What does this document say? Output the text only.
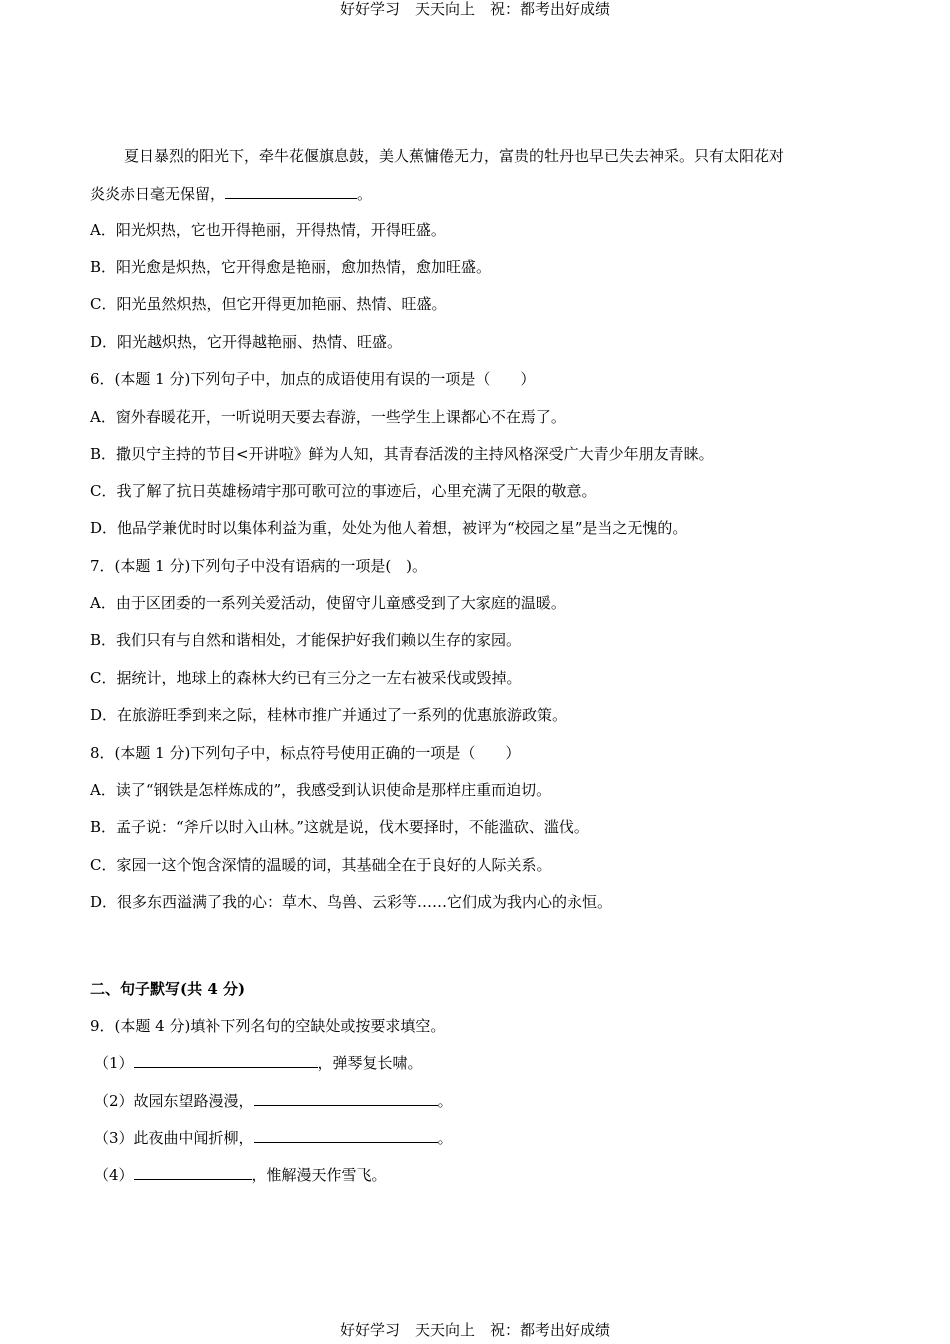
好好学习　天天向上　祝：都考出好成绩
夏日暴烈的阳光下，牵牛花偃旗息鼓，美人蕉慵倦无力，富贵的牡丹也早已失去神采。只有太阳花对
炎炎赤日毫无保留，	。
A．阳光炽热，它也开得艳丽，开得热情，开得旺盛。
B．阳光愈是炽热，它开得愈是艳丽，愈加热情，愈加旺盛。
C．阳光虽然炽热，但它开得更加艳丽、热情、旺盛。
D．阳光越炽热，它开得越艳丽、热情、旺盛。
6．(本题 1 分)下列句子中，加点的成语使用有误的一项是（　　）
A．窗外春暖花开，一听说明天要去春游，一些学生上课都心不在焉了。
B．撒贝宁主持的节目<开讲啦》鲜为人知，其青春活泼的主持风格深受广大青少年朋友青睐。
C．我了解了抗日英雄杨靖宇那可歌可泣的事迹后，心里充满了无限的敬意。
D．他品学兼优时时以集体利益为重，处处为他人着想，被评为“校园之星”是当之无愧的。
7．(本题 1 分)下列句子中没有语病的一项是(　)。
A．由于区团委的一系列关爱活动，使留守儿童感受到了大家庭的温暖。
B．我们只有与自然和谐相处，才能保护好我们赖以生存的家园。
C．据统计，地球上的森林大约已有三分之一左右被采伐或毁掉。
D．在旅游旺季到来之际，桂林市推广并通过了一系列的优惠旅游政策。
8．(本题 1 分)下列句子中，标点符号使用正确的一项是（　　）
A．读了“钢铁是怎样炼成的”，我感受到认识使命是那样庄重而迫切。
B．孟子说：“斧斤以时入山林。”这就是说，伐木要择时，不能滥砍、滥伐。
C．家园一这个饱含深情的温暖的词，其基础全在于良好的人际关系。
D．很多东西溢满了我的心：草木、鸟兽、云彩等……它们成为我内心的永恒。
二、句子默写(共 4 分)
9．(本题 4 分)填补下列名句的空缺处或按要求填空。
（1）	，弹琴复长啸。
（2）故园东望路漫漫，	。
（3）此夜曲中闻折柳，	。
（4）	，惟解漫天作雪飞。
好好学习　天天向上　祝：都考出好成绩
